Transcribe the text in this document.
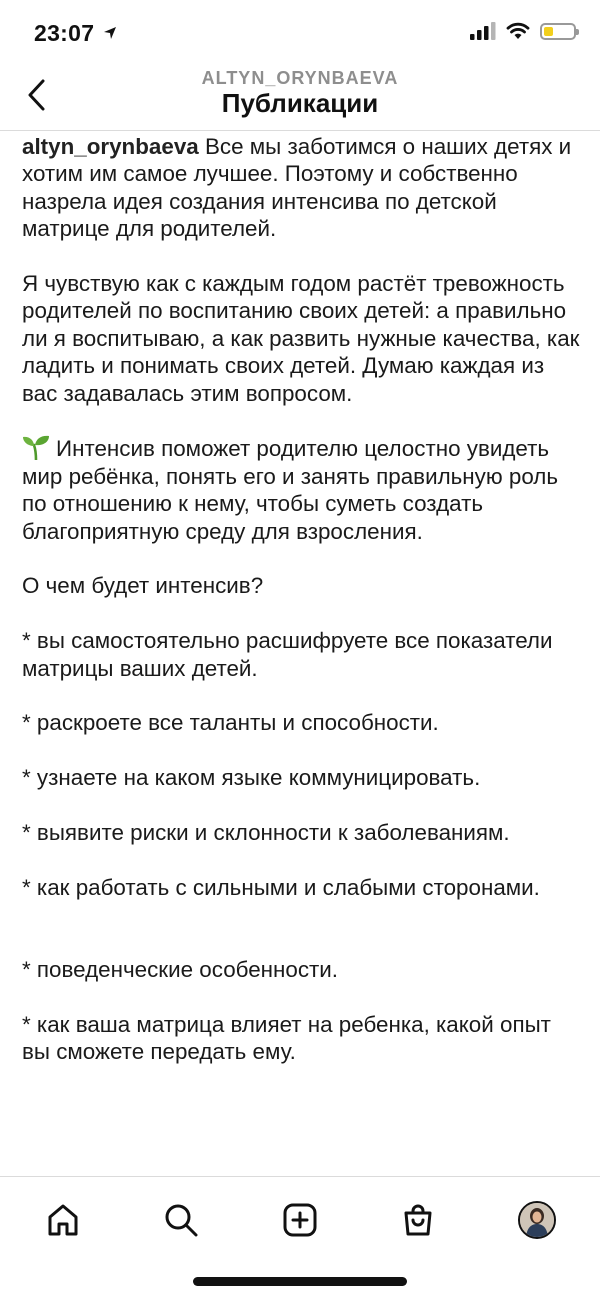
23:07
ALTYN_ORYNBAEVA
Публикации

altyn_orynbaeva Все мы заботимся о наших детях и хотим им самое лучшее. Поэтому и собственно назрела идея создания интенсива по детской матрице для родителей.

Я чувствую как с каждым годом растёт тревожность родителей по воспитанию своих детей: а правильно ли я воспитываю, а как развить нужные качества, как ладить и понимать своих детей. Думаю каждая из вас задавалась этим вопросом.

Интенсив поможет родителю целостно увидеть мир ребёнка, понять его и занять правильную роль по отношению к нему, чтобы суметь создать благоприятную среду для взросления.

О чем будет интенсив?

* вы самостоятельно расшифруете все показатели матрицы ваших детей.

* раскроете все таланты и способности.

* узнаете на каком языке коммуницировать.

* выявите риски и склонности к заболеваниям.

* как работать с сильными и слабыми сторонами.

* поведенческие особенности.

* как ваша матрица влияет на ребенка, какой опыт вы сможете передать ему.
